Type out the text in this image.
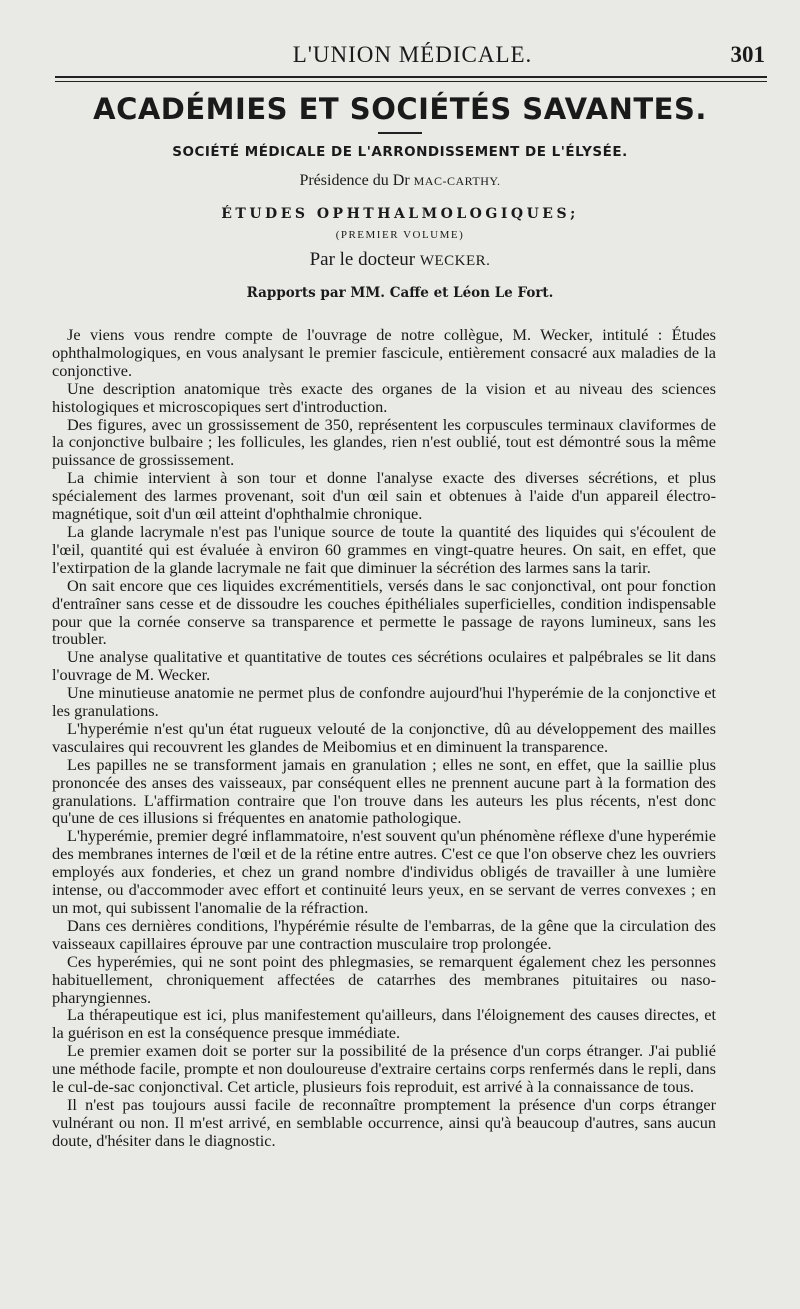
L'UNION MÉDICALE.	301
ACADÉMIES ET SOCIÉTÉS SAVANTES.
SOCIÉTÉ MÉDICALE DE L'ARRONDISSEMENT DE L'ÉLYSÉE.
Présidence du Dr MAC-CARTHY.
ÉTUDES OPHTHALMOLOGIQUES;
(PREMIER VOLUME)
Par le docteur WECKER.
Rapports par MM. Caffe et Léon Le Fort.

Je viens vous rendre compte de l'ouvrage de notre collègue, M. Wecker, intitulé : Études ophthalmologiques, en vous analysant le premier fascicule, entièrement consacré aux maladies de la conjonctive.

Une description anatomique très exacte des organes de la vision et au niveau des sciences histologiques et microscopiques sert d'introduction.

Des figures, avec un grossissement de 350, représentent les corpuscules terminaux claviformes de la conjonctive bulbaire ; les follicules, les glandes, rien n'est oublié, tout est démontré sous la même puissance de grossissement.

La chimie intervient à son tour et donne l'analyse exacte des diverses sécrétions, et plus spécialement des larmes provenant, soit d'un œil sain et obtenues à l'aide d'un appareil électro-magnétique, soit d'un œil atteint d'ophthalmie chronique.

La glande lacrymale n'est pas l'unique source de toute la quantité des liquides qui s'écoulent de l'œil, quantité qui est évaluée à environ 60 grammes en vingt-quatre heures. On sait, en effet, que l'extirpation de la glande lacrymale ne fait que diminuer la sécrétion des larmes sans la tarir.

On sait encore que ces liquides excrémentitiels, versés dans le sac conjonctival, ont pour fonction d'entraîner sans cesse et de dissoudre les couches épithéliales superficielles, condition indispensable pour que la cornée conserve sa transparence et permette le passage de rayons lumineux, sans les troubler.

Une analyse qualitative et quantitative de toutes ces sécrétions oculaires et palpébrales se lit dans l'ouvrage de M. Wecker.

Une minutieuse anatomie ne permet plus de confondre aujourd'hui l'hyperémie de la conjonctive et les granulations.

L'hyperémie n'est qu'un état rugueux velouté de la conjonctive, dû au développement des mailles vasculaires qui recouvrent les glandes de Meibomius et en diminuent la transparence.

Les papilles ne se transforment jamais en granulation ; elles ne sont, en effet, que la saillie plus prononcée des anses des vaisseaux, par conséquent elles ne prennent aucune part à la formation des granulations. L'affirmation contraire que l'on trouve dans les auteurs les plus récents, n'est donc qu'une de ces illusions si fréquentes en anatomie pathologique.

L'hyperémie, premier degré inflammatoire, n'est souvent qu'un phénomène réflexe d'une hyperémie des membranes internes de l'œil et de la rétine entre autres. C'est ce que l'on observe chez les ouvriers employés aux fonderies, et chez un grand nombre d'individus obligés de travailler à une lumière intense, ou d'accommoder avec effort et continuité leurs yeux, en se servant de verres convexes ; en un mot, qui subissent l'anomalie de la réfraction.

Dans ces dernières conditions, l'hypérémie résulte de l'embarras, de la gêne que la circulation des vaisseaux capillaires éprouve par une contraction musculaire trop prolongée.

Ces hyperémies, qui ne sont point des phlegmasies, se remarquent également chez les personnes habituellement, chroniquement affectées de catarrhes des membranes pituitaires ou naso-pharyngiennes.

La thérapeutique est ici, plus manifestement qu'ailleurs, dans l'éloignement des causes directes, et la guérison en est la conséquence presque immédiate.

Le premier examen doit se porter sur la possibilité de la présence d'un corps étranger. J'ai publié une méthode facile, prompte et non douloureuse d'extraire certains corps renfermés dans le repli, dans le cul-de-sac conjonctival. Cet article, plusieurs fois reproduit, est arrivé à la connaissance de tous.

Il n'est pas toujours aussi facile de reconnaître promptement la présence d'un corps étranger vulnérant ou non. Il m'est arrivé, en semblable occurrence, ainsi qu'à beaucoup d'autres, sans aucun doute, d'hésiter dans le diagnostic.
